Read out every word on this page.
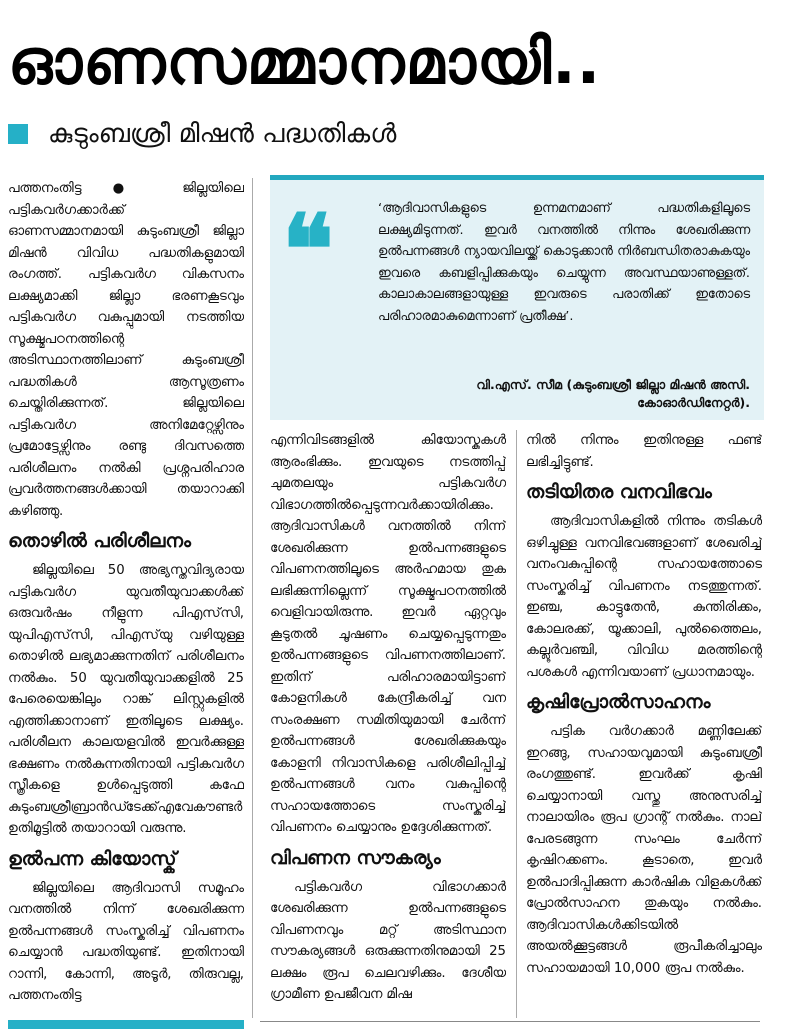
ഓണസമ്മാനമായി..
കുടുംബശ്രീ മിഷൻ പദ്ധതികൾ

പത്തനംതിട്ട ● ജില്ലയിലെ പട്ടികവർഗക്കാർക്ക് ഓണസമ്മാനമായി കുടുംബശ്രീ ജില്ലാ മിഷൻ വിവിധ പദ്ധതികളുമായി രംഗത്ത്. പട്ടികവർഗ വികസനം ലക്ഷ്യമാക്കി ജില്ലാ ഭരണകൂടവും പട്ടികവർഗ വകുപ്പുമായി നടത്തിയ സൂക്ഷ്മപഠനത്തിന്റെ അടിസ്ഥാനത്തിലാണ് കുടുംബശ്രീ പദ്ധതികൾ ആസൂത്രണം ചെയ്തിരിക്കുന്നത്. ജില്ലയിലെ പട്ടികവർഗ അനിമേറ്റേഴ്സിനും പ്രമോട്ടേഴ്സിനും രണ്ടു ദിവസത്തെ പരിശീലനം നൽകി പ്രശ്നപരിഹാര പ്രവർത്തനങ്ങൾക്കായി തയാറാക്കി കഴിഞ്ഞു.

തൊഴിൽ പരിശീലനം

ജില്ലയിലെ 50 അഭ്യസ്തവിദ്യരായ പട്ടികവർഗ യുവതീയുവാക്കൾക്ക് ഒരുവർഷം നീളുന്ന പിഎസ്‌സി, യുപിഎസ്‌സി, പിഎസ്‌യു വഴിയുള്ള തൊഴിൽ ലഭ്യമാക്കുന്നതിന് പരിശീലനം നൽകും. 50 യുവതീയുവാക്കളിൽ 25 പേരെയെങ്കിലും റാങ്ക് ലിസ്റ്റുകളിൽ എത്തിക്കാനാണ് ഇതിലൂടെ ലക്ഷ്യം. പരിശീലന കാലയളവിൽ ഇവർക്കുള്ള ഭക്ഷണം നൽകുന്നതിനായി പട്ടികവർഗ സ്ത്രീകളെ ഉൾപ്പെടുത്തി കഫേ കുടുംബശ്രീബ്രാൻഡ്ടേക്ക്എവേകൗണ്ടർ ഉതിമൂട്ടിൽ തയാറായി വരുന്നു.

ഉൽപന്ന കിയോസ്ക്

ജില്ലയിലെ ആദിവാസി സമൂഹം വനത്തിൽ നിന്ന് ശേഖരിക്കുന്ന ഉൽപന്നങ്ങൾ സംസ്കരിച്ച് വിപണനം ചെയ്യാൻ പദ്ധതിയുണ്ട്. ഇതിനായി റാന്നി, കോന്നി, അടൂർ, തിരുവല്ല, പത്തനംതിട്ട

❝	‘ആദിവാസികളുടെ ഉന്നമനമാണ് പദ്ധതികളിലൂടെ ലക്ഷ്യമിടുന്നത്. ഇവർ വനത്തിൽ നിന്നും ശേഖരിക്കുന്ന ഉൽപന്നങ്ങൾ ന്യായവിലയ്ക്ക് കൊടുക്കാൻ നിർബന്ധിതരാകുകയും ഇവരെ കബളിപ്പിക്കുകയും ചെയ്യുന്ന അവസ്ഥയാണുള്ളത്. കാലാകാലങ്ങളായുള്ള ഇവരുടെ പരാതിക്ക് ഇതോടെ പരിഹാരമാകുമെന്നാണ് പ്രതീക്ഷ’.
വി.എസ്. സീമ (കുടുംബശ്രീ ജില്ലാ മിഷൻ അസി. കോഓർഡിനേറ്റർ).

എന്നിവിടങ്ങളിൽ കിയോസ്കുകൾ ആരംഭിക്കും. ഇവയുടെ നടത്തിപ്പ് ചുമതലയും പട്ടികവർഗ വിഭാഗത്തിൽപ്പെടുന്നവർക്കായിരിക്കും. ആദിവാസികൾ വനത്തിൽ നിന്ന് ശേഖരിക്കുന്ന ഉൽപന്നങ്ങളുടെ വിപണനത്തിലൂടെ അർഹമായ തുക ലഭിക്കുന്നില്ലെന്ന് സൂക്ഷ്മപഠനത്തിൽ വെളിവായിരുന്നു. ഇവർ ഏറ്റവും കൂടുതൽ ചൂഷണം ചെയ്യപ്പെടുന്നതും ഉൽപന്നങ്ങളുടെ വിപണനത്തിലാണ്. ഇതിന് പരിഹാരമായിട്ടാണ് കോളനികൾ കേന്ദ്രീകരിച്ച് വന സംരക്ഷണ സമിതിയുമായി ചേർന്ന് ഉൽപന്നങ്ങൾ ശേഖരിക്കുകയും കോളനി നിവാസികളെ പരിശീലിപ്പിച്ച് ഉൽപന്നങ്ങൾ വനം വകുപ്പിന്റെ സഹായത്തോടെ സംസ്കരിച്ച് വിപണനം ചെയ്യാനും ഉദ്ദേശിക്കുന്നത്.

വിപണന സൗകര്യം

പട്ടികവർഗ വിഭാഗക്കാർ ശേഖരിക്കുന്ന ഉൽപന്നങ്ങളുടെ വിപണനവും മറ്റ് അടിസ്ഥാന സൗകര്യങ്ങൾ ഒരുക്കുന്നതിനുമായി 25 ലക്ഷം രൂപ ചെലവഴിക്കും. ദേശീയ ഗ്രാമീണ ഉപജീവന മിഷ

നിൽ നിന്നും ഇതിനുള്ള ഫണ്ട് ലഭിച്ചിട്ടുണ്ട്.

തടിയിതര വനവിഭവം

ആദിവാസികളിൽ നിന്നും തടികൾ ഒഴിച്ചുള്ള വനവിഭവങ്ങളാണ് ശേഖരിച്ച് വനംവകുപ്പിന്റെ സഹായത്തോടെ സംസ്കരിച്ച് വിപണനം നടത്തുന്നത്. ഇഞ്ച, കാട്ടുതേൻ, കുന്തിരിക്കം, കോലരക്ക്, യൂക്കാലി, പുൽത്തൈലം, കല്ലൂർവഞ്ചി, വിവിധ മരത്തിന്റെ പശകൾ എന്നിവയാണ് പ്രധാനമായും.

കൃഷിപ്രോൽസാഹനം

പട്ടിക വർഗക്കാർ മണ്ണിലേക്ക് ഇറങ്ങു, സഹായവുമായി കുടുംബശ്രീ രംഗത്തുണ്ട്. ഇവർക്ക് കൃഷി ചെയ്യാനായി വസ്തു അനുസരിച്ച് നാലായിരം രൂപ ഗ്രാന്റ് നൽകും. നാല് പേരടങ്ങുന്ന സംഘം ചേർന്ന് കൃഷിറക്കണം. കൂടാതെ, ഇവർ ഉൽപാദിപ്പിക്കുന്ന കാർഷിക വിളകൾക്ക് പ്രോൽസാഹന തുകയും നൽകും. ആദിവാസികൾക്കിടയിൽ അയൽക്കൂട്ടങ്ങൾ രൂപീകരിച്ചാലും സഹായമായി 10,000 രൂപ നൽകും.
